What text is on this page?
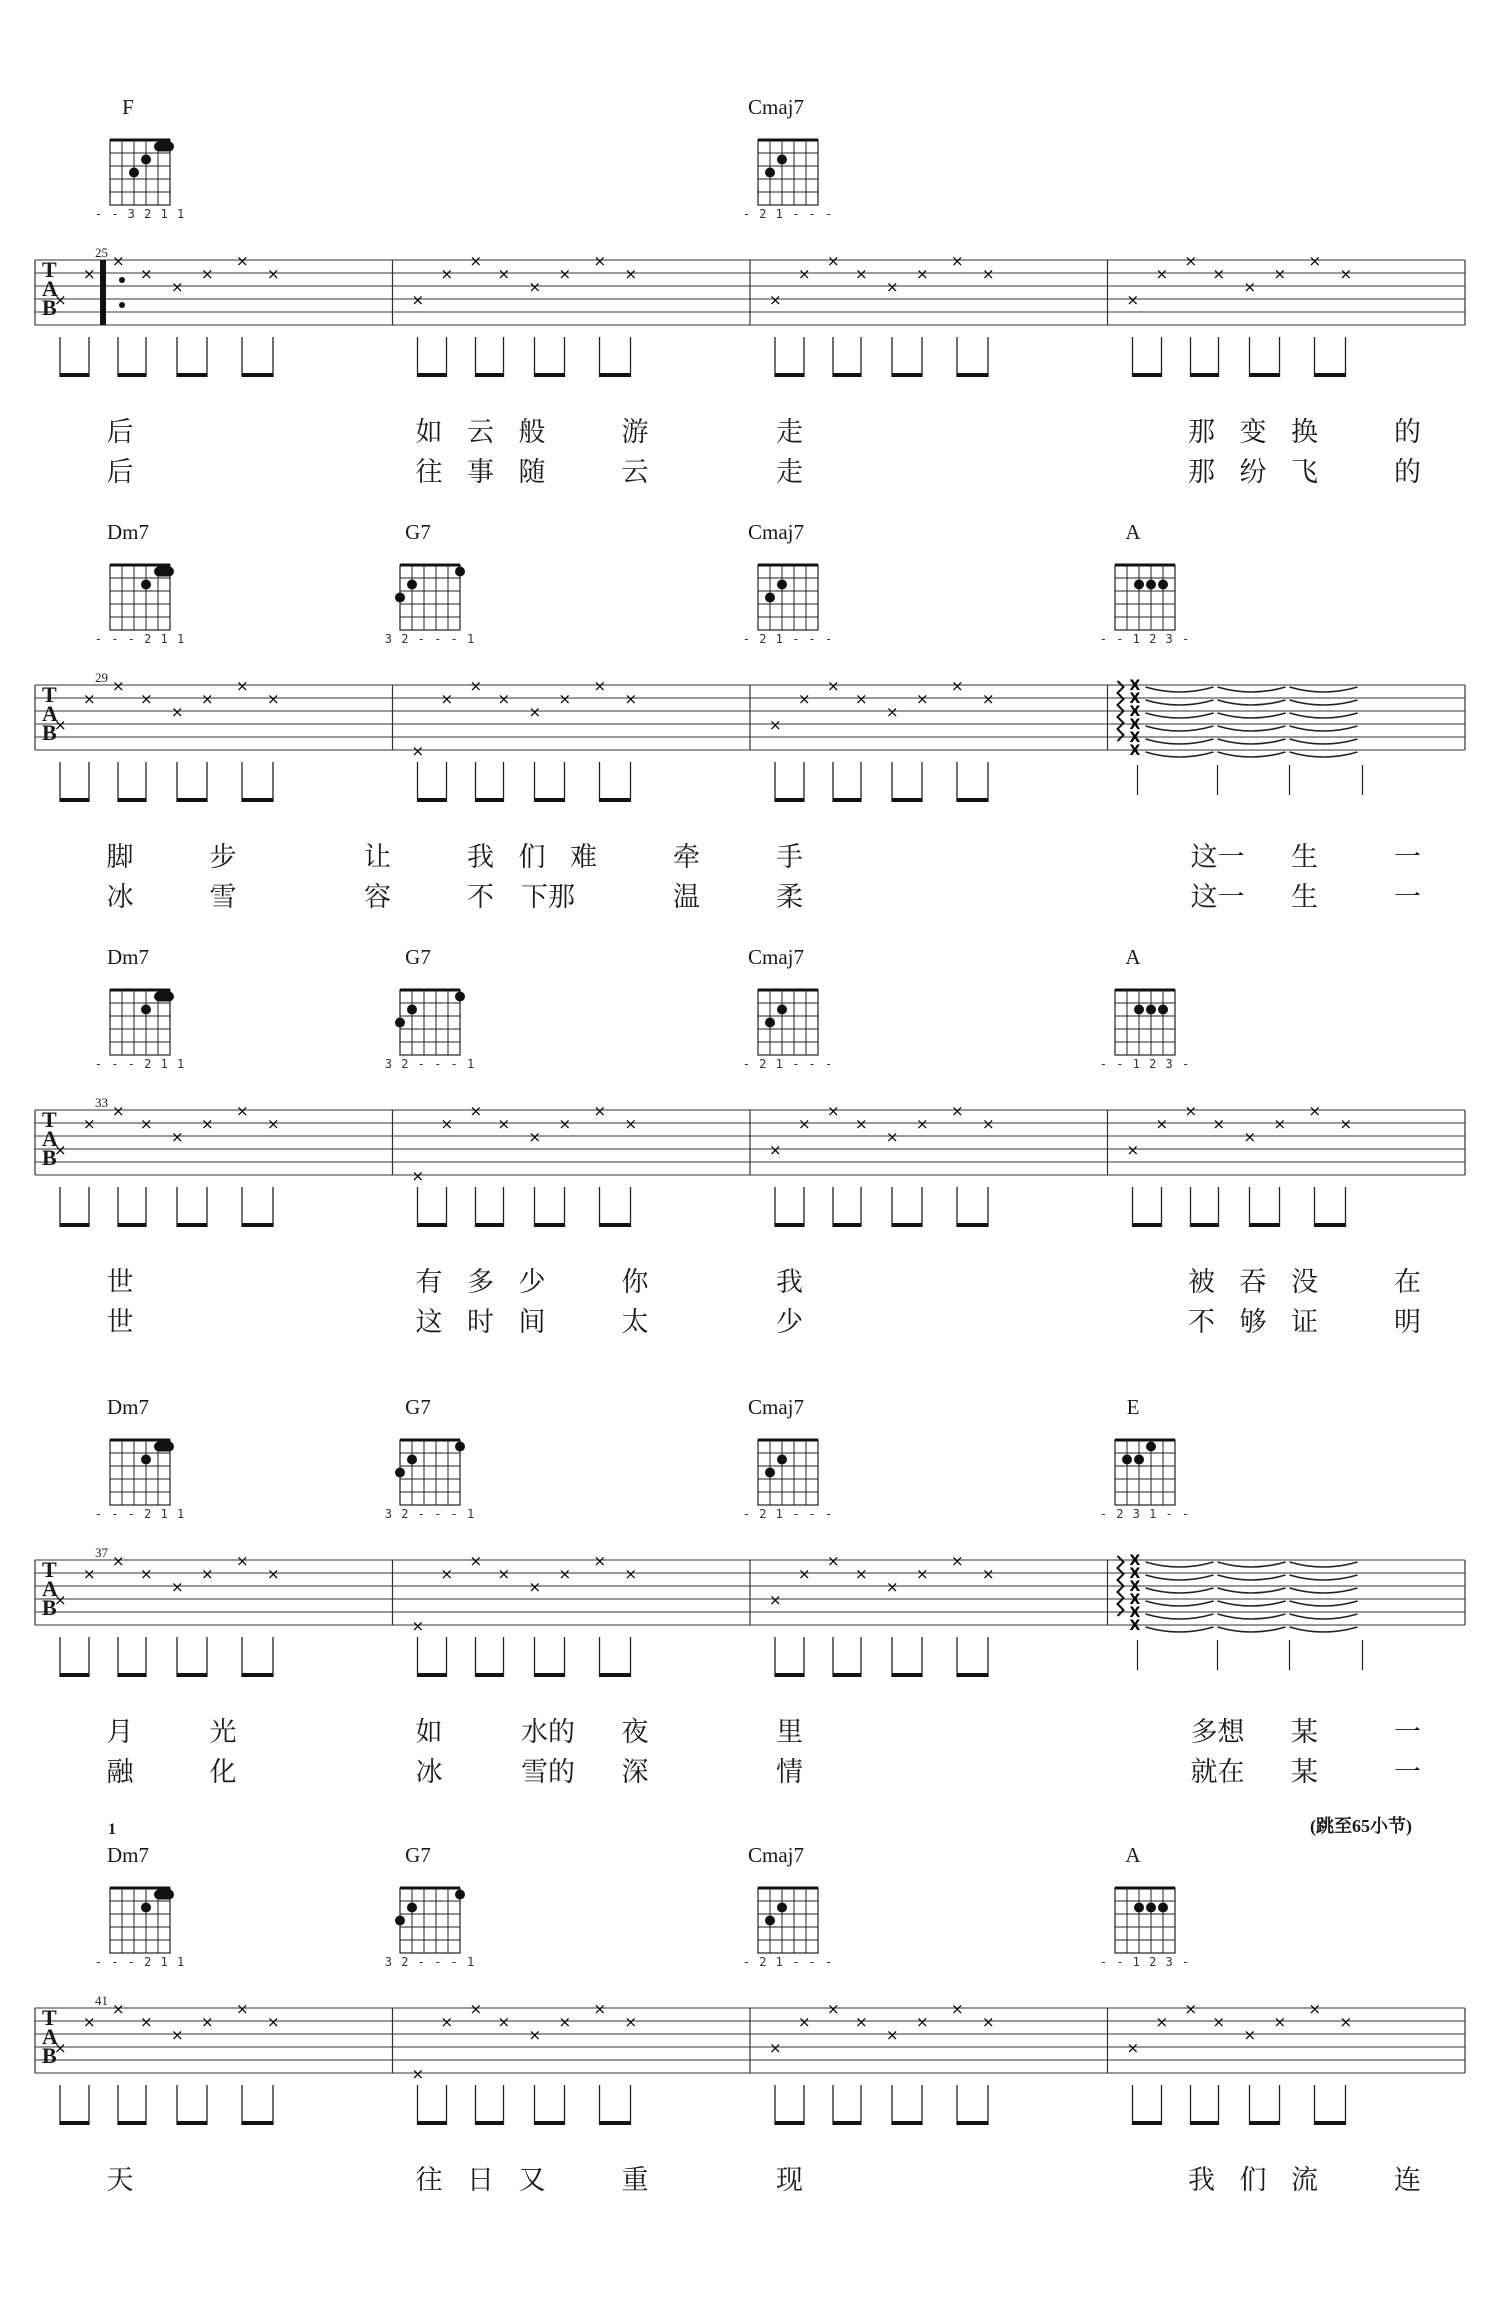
×
×
×
×
×
×
×
×
×
×
×
×
×
×
×
×
×
×
×
×
×
×
×
×
×
×
×
×
×
×
×
×
F
- - 3 2 1 1
Cmaj7
- 2 1 - - -
25
T
A
B
后	如 云 般	游	走	那 变 换	的
后	往 事 随	云	走	那 纷 飞	的
×
×
×
×
×
×
×
×
×
×
×
×
×
×
×
×
×
×
×
×
×
×
×
×
X
X
X
X
X
X
Dm7
- - - 2 1 1
G7
3 2 - - - 1
Cmaj7
- 2 1 - - -
A
- - 1 2 3 -
29
T
A
B
脚	步	让	我 们 难	牵	手	这一	生	一
冰	雪	容	不	下那	温	柔	这一	生	一
×
×
×
×
×
×
×
×
×
×
×
×
×
×
×
×
×
×
×
×
×
×
×
×
×
×
×
×
×
×
×
×
Dm7
- - - 2 1 1
G7
3 2 - - - 1
Cmaj7
- 2 1 - - -
A
- - 1 2 3 -
33
T
A
B
世	有 多 少	你	我	被 吞 没	在
世	这 时 间	太	少	不 够 证	明
×
×
×
×
×
×
×
×
×
×
×
×
×
×
×
×
×
×
×
×
×
×
×
×
X
X
X
X
X
X
Dm7
- - - 2 1 1
G7
3 2 - - - 1
Cmaj7
- 2 1 - - -
E
- 2 3 1 - -
37
T
A
B
月	光	如	水的	夜	里	多想	某	一
融	化	冰	雪的	深	情	就在	某	一
(跳至65小节)
×
×
×
×
×
×
×
×
×
×
×
×
×
×
×
×
×
×
×
×
×
×
×
×
×
×
×
×
×
×
×
×
Dm7
- - - 2 1 1
G7
3 2 - - - 1
Cmaj7
- 2 1 - - -
A
- - 1 2 3 -
41
T
A
B
天	往 日 又	重	现	我 们 流	连
1
